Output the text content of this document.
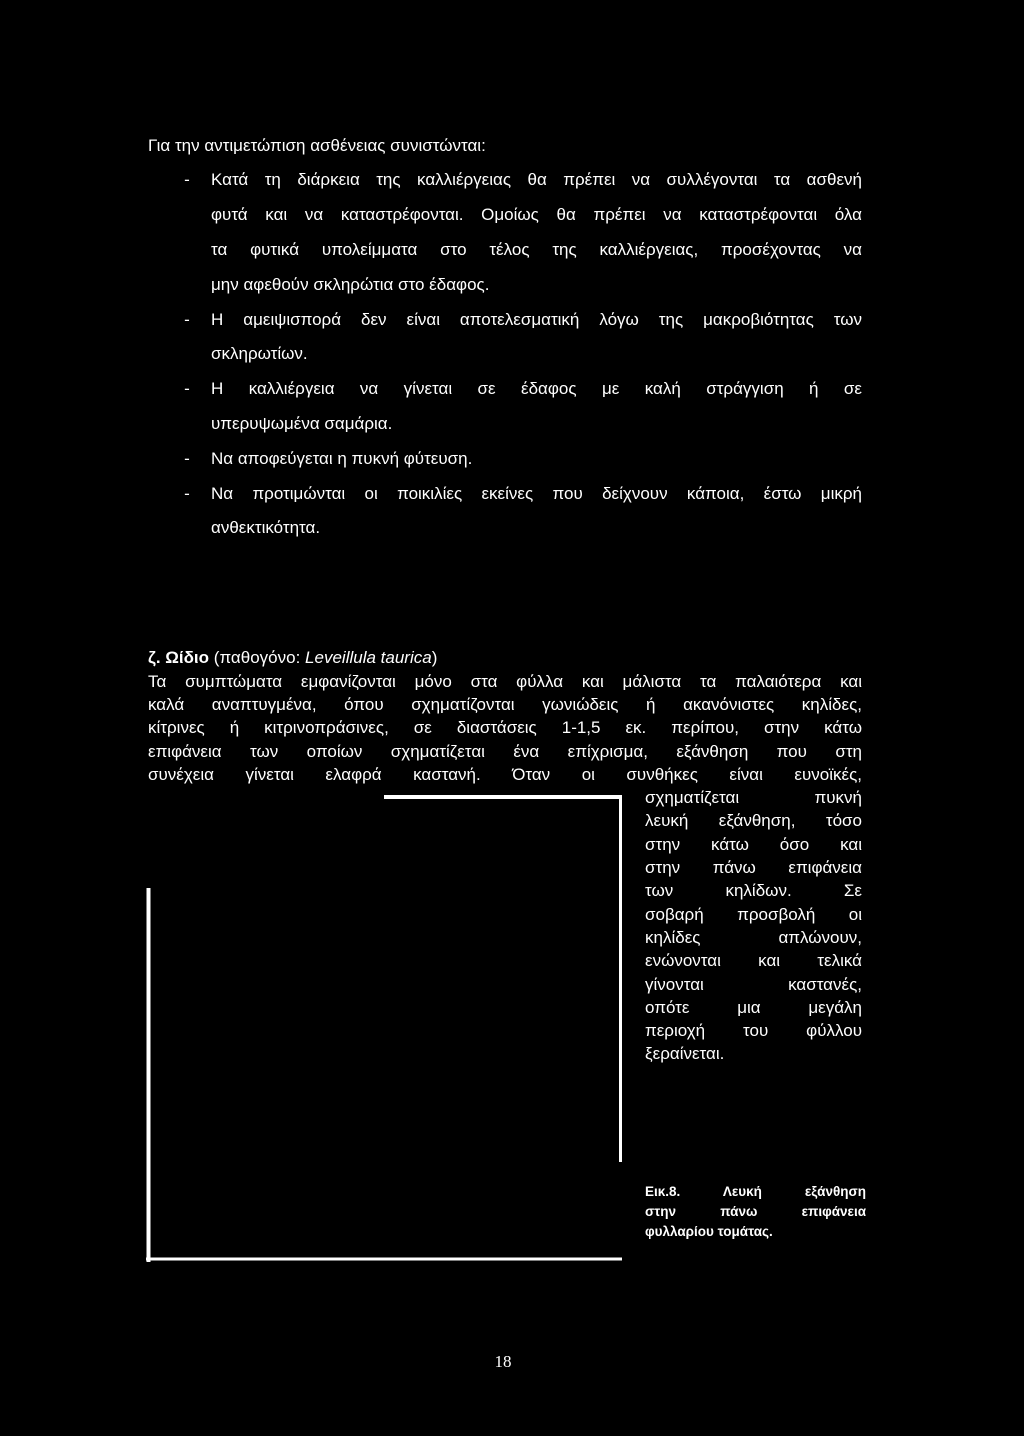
Για την αντιμετώπιση ασθένειας συνιστώνται:
- Κατά τη διάρκεια της καλλιέργειας θα πρέπει να συλλέγονται τα ασθενή
φυτά και να καταστρέφονται. Ομοίως θα πρέπει να καταστρέφονται όλα
τα φυτικά υπολείμματα στο τέλος της καλλιέργειας, προσέχοντας να
μην αφεθούν σκληρώτια στο έδαφος.
- Η αμειψισπορά δεν είναι αποτελεσματική λόγω της μακροβιότητας των
σκληρωτίων.
- Η καλλιέργεια να γίνεται σε έδαφος με καλή στράγγιση ή σε
υπερυψωμένα σαμάρια.
- Να αποφεύγεται η πυκνή φύτευση.
- Να προτιμώνται οι ποικιλίες εκείνες που δείχνουν κάποια, έστω μικρή
ανθεκτικότητα.
ζ. Ωίδιο (παθογόνο: Leveillula taurica)
Τα συμπτώματα εμφανίζονται μόνο στα φύλλα και μάλιστα τα παλαιότερα και
καλά αναπτυγμένα, όπου σχηματίζονται γωνιώδεις ή ακανόνιστες κηλίδες,
κίτρινες ή κιτρινοπράσινες, σε διαστάσεις 1-1,5 εκ. περίπου, στην κάτω
επιφάνεια των οποίων σχηματίζεται ένα επίχρισμα, εξάνθηση που στη
συνέχεια γίνεται ελαφρά καστανή. Όταν οι συνθήκες είναι ευνοϊκές,
σχηματίζεται πυκνή
λευκή εξάνθηση, τόσο
στην κάτω όσο και
στην πάνω επιφάνεια
των κηλίδων. Σε
σοβαρή προσβολή οι
κηλίδες απλώνουν,
ενώνονται και τελικά
γίνονται καστανές,
οπότε μια μεγάλη
περιοχή του φύλλου
ξεραίνεται.
Εικ.8. Λευκή εξάνθηση
στην πάνω επιφάνεια
φυλλαρίου τομάτας.
18
